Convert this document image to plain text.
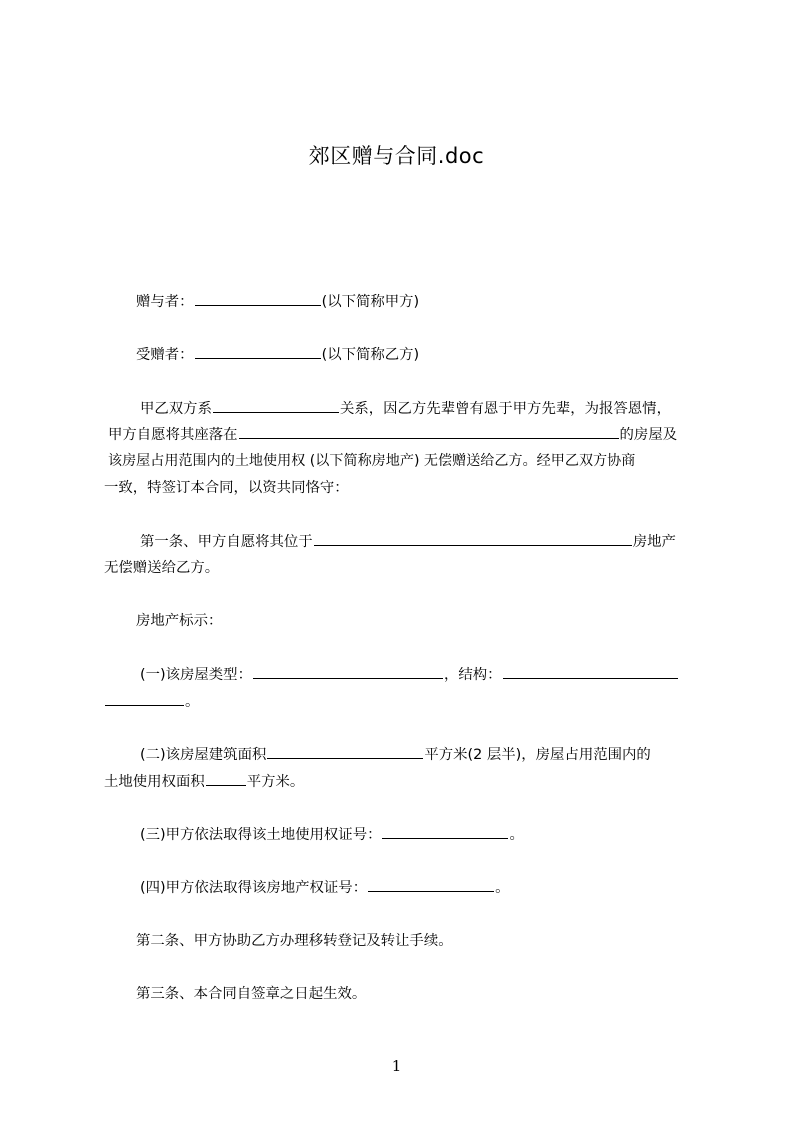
郊区赠与合同.doc
赠与者：	(以下简称甲方)
受赠者：	(以下简称乙方)
甲乙双方系	关系，因乙方先辈曾有恩于甲方先辈，为报答恩情，
甲方自愿将其座落在	的房屋及
该房屋占用范围内的土地使用权 (以下简称房地产) 无偿赠送给乙方。经甲乙双方协商
一致，特签订本合同，以资共同恪守：
第一条、甲方自愿将其位于	房地产
无偿赠送给乙方。
房地产标示：
(一)该房屋类型：	，结构：
。
(二)该房屋建筑面积	平方米(2 层半)，房屋占用范围内的
土地使用权面积	平方米。
(三)甲方依法取得该土地使用权证号：	。
(四)甲方依法取得该房地产权证号：	。
第二条、甲方协助乙方办理移转登记及转让手续。
第三条、本合同自签章之日起生效。
1
